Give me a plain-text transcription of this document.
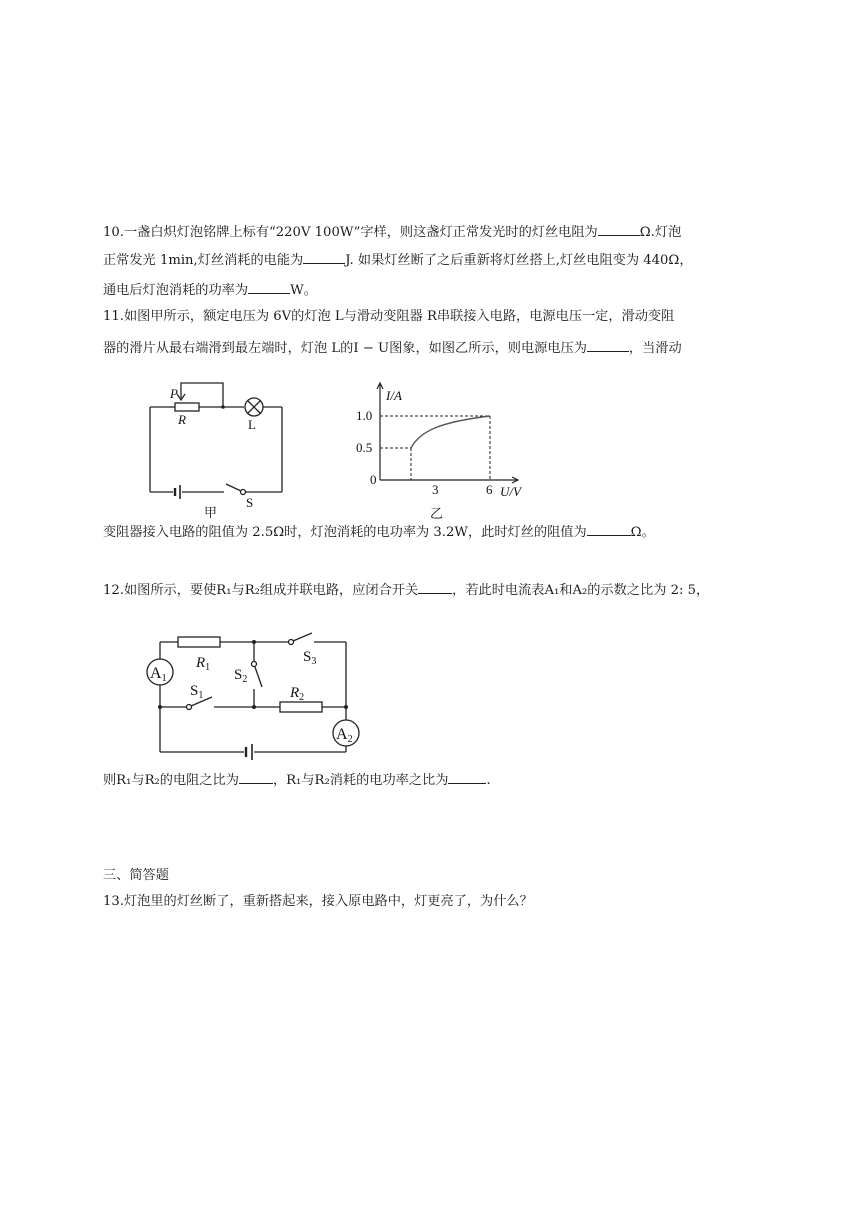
10.一盏白炽灯泡铭牌上标有“220V 100W”字样，则这盏灯正常发光时的灯丝电阻为	Ω.灯泡
正常发光 1min,灯丝消耗的电能为	J. 如果灯丝断了之后重新将灯丝搭上,灯丝电阻变为 440Ω，
通电后灯泡消耗的功率为	W。
11.如图甲所示，额定电压为 6V的灯泡 L与滑动变阻器 R串联接入电路，电源电压一定，滑动变阻
器的滑片从最右端滑到最左端时，灯泡 L的I − U图象，如图乙所示，则电源电压为	，当滑动
P
R	L
S
甲
I/A
U/V
1.0
0.5
0
3	6
乙
变阻器接入电路的阻值为 2.5Ω时，灯泡消耗的电功率为 3.2W，此时灯丝的阻值为	Ω。
12.如图所示，要使R₁与R₂组成并联电路，应闭合开关	，若此时电流表A₁和A₂的示数之比为 2: 5，
A1
A2
$R_1$
$R_2$
$S_1$
$S_2$
$S_3$
则R₁与R₂的电阻之比为	，R₁与R₂消耗的电功率之比为	.
三、简答题
13.灯泡里的灯丝断了，重新搭起来，接入原电路中，灯更亮了，为什么？
